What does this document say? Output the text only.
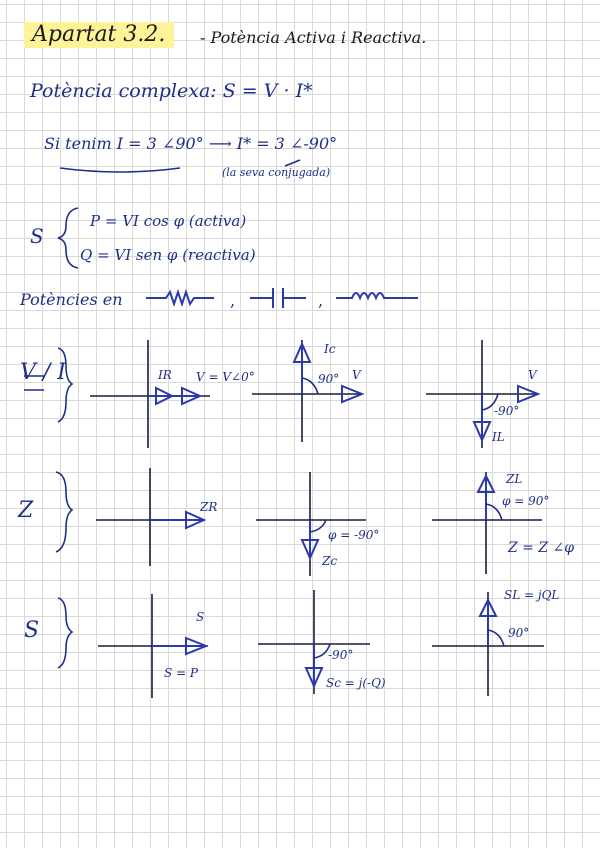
Apartat 3.2. - Potència Activa i Reactiva.
Potència complexa: S = V · I*
Si tenim I = 3 ∠90° ⟶ I* = 3 ∠-90°
(la seva conjugada)
S
P = VI cos φ (activa)
Q = VI sen φ (reactiva)
Potències en
V / I
Z
S
,	,
IR V = V∠0°
Ic
90° V	V
-90°
IL
ZR
φ = -90°
Zc
ZL
φ = 90°
Z = Z ∠φ
S
S = P
-90°
Sc = j(-Q)
SL = jQL
90°
